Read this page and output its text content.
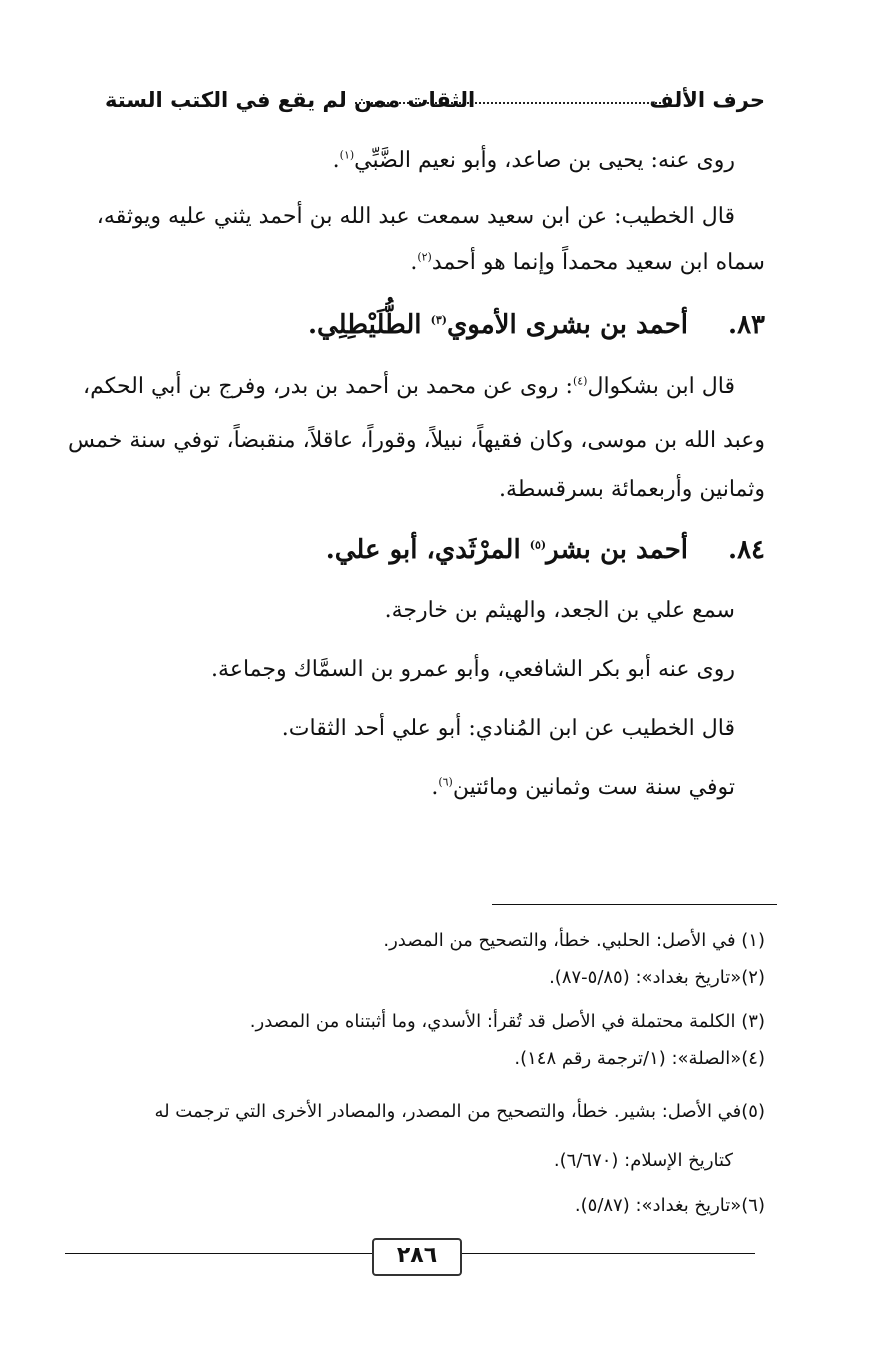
حرف الألف
الثقات ممن لم يقع في الكتب الستة
روى عنه: يحيى بن صاعد، وأبو نعيم الضَّبِّي$^{(١)}$.
قال الخطيب: عن ابن سعيد سمعت عبد الله بن أحمد يثني عليه ويوثقه،
سماه ابن سعيد محمداً وإنما هو أحمد$^{(٢)}$.
٨٣.أحمد بن بشرى الأموي$^{(٣)}$ الطُّلَيْطِلِي.
قال ابن بشكوال$^{(٤)}$: روى عن محمد بن أحمد بن بدر، وفرج بن أبي الحكم،
وعبد الله بن موسى، وكان فقيهاً، نبيلاً، وقوراً، عاقلاً، منقبضاً، توفي سنة خمس
وثمانين وأربعمائة بسرقسطة.
٨٤.أحمد بن بشر$^{(٥)}$ المرْثَدي، أبو علي.
سمع علي بن الجعد، والهيثم بن خارجة.
روى عنه أبو بكر الشافعي، وأبو عمرو بن السمَّاك وجماعة.
قال الخطيب عن ابن المُنادي: أبو علي أحد الثقات.
توفي سنة ست وثمانين ومائتين$^{(٦)}$.
(١) في الأصل: الحلبي. خطأ، والتصحيح من المصدر.
(٢)«تاريخ بغداد»: (٥/٨٥-٨٧).
(٣) الكلمة محتملة في الأصل قد تُقرأ: الأسدي، وما أثبتناه من المصدر.
(٤)«الصلة»: (١/ترجمة رقم ١٤٨).
(٥)في الأصل: بشير. خطأ، والتصحيح من المصدر، والمصادر الأخرى التي ترجمت له
كتاريخ الإسلام: (٦/٦٧٠).
(٦)«تاريخ بغداد»: (٥/٨٧).
٢٨٦
